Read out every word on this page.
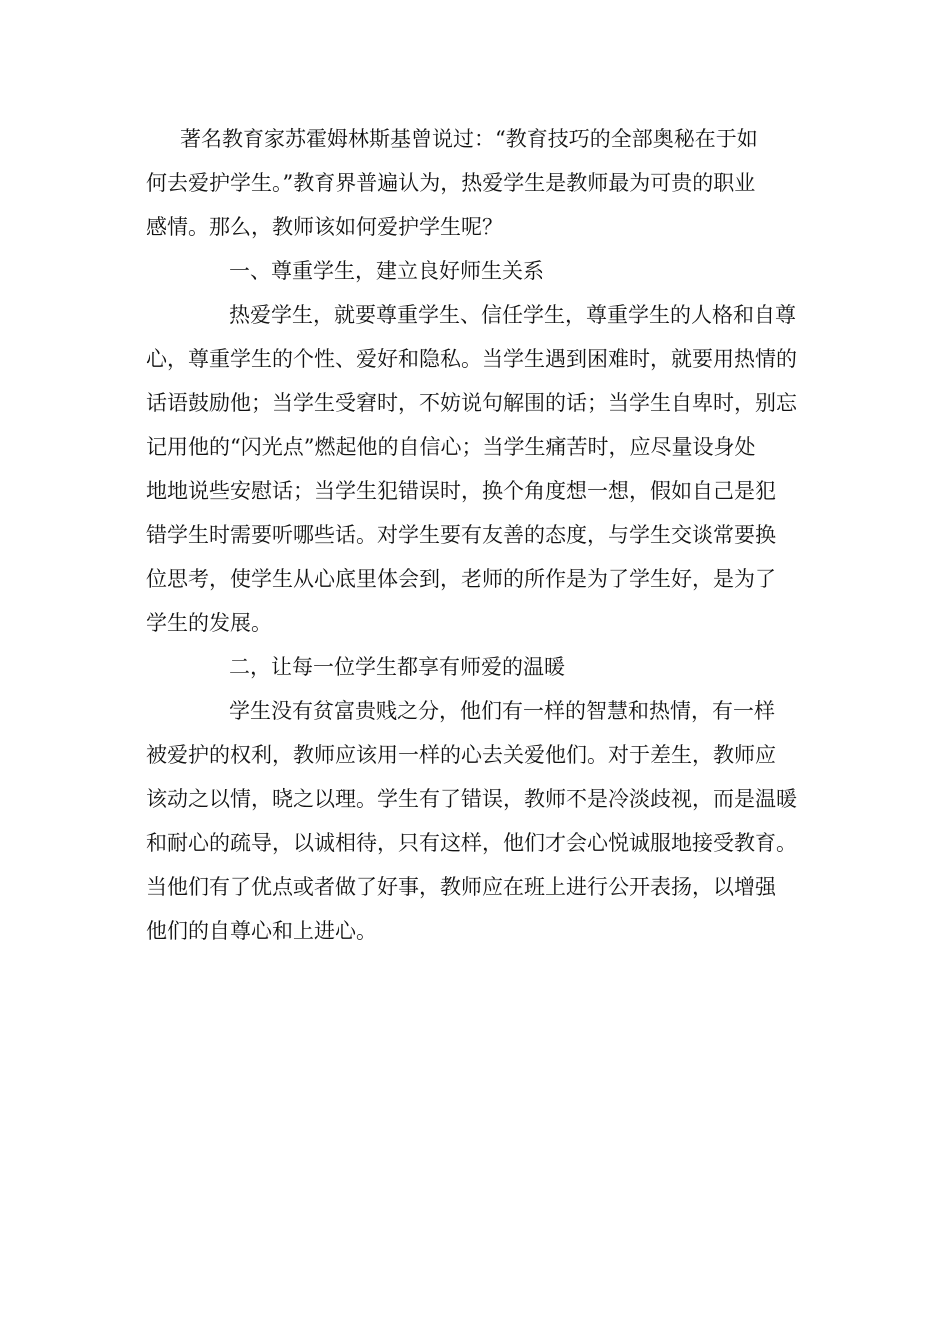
著名教育家苏霍姆林斯基曾说过：“教育技巧的全部奥秘在于如
何去爱护学生。”教育界普遍认为，热爱学生是教师最为可贵的职业
感情。那么，教师该如何爱护学生呢？
一、尊重学生，建立良好师生关系
热爱学生，就要尊重学生、信任学生，尊重学生的人格和自尊
心，尊重学生的个性、爱好和隐私。当学生遇到困难时，就要用热情的
话语鼓励他；当学生受窘时，不妨说句解围的话；当学生自卑时，别忘
记用他的“闪光点”燃起他的自信心；当学生痛苦时，应尽量设身处
地地说些安慰话；当学生犯错误时，换个角度想一想，假如自己是犯
错学生时需要听哪些话。对学生要有友善的态度，与学生交谈常要换
位思考，使学生从心底里体会到，老师的所作是为了学生好，是为了
学生的发展。
二，让每一位学生都享有师爱的温暖
学生没有贫富贵贱之分，他们有一样的智慧和热情，有一样
被爱护的权利，教师应该用一样的心去关爱他们。对于差生，教师应
该动之以情，晓之以理。学生有了错误，教师不是冷淡歧视，而是温暖
和耐心的疏导，以诚相待，只有这样，他们才会心悦诚服地接受教育。
当他们有了优点或者做了好事，教师应在班上进行公开表扬，以增强
他们的自尊心和上进心。
